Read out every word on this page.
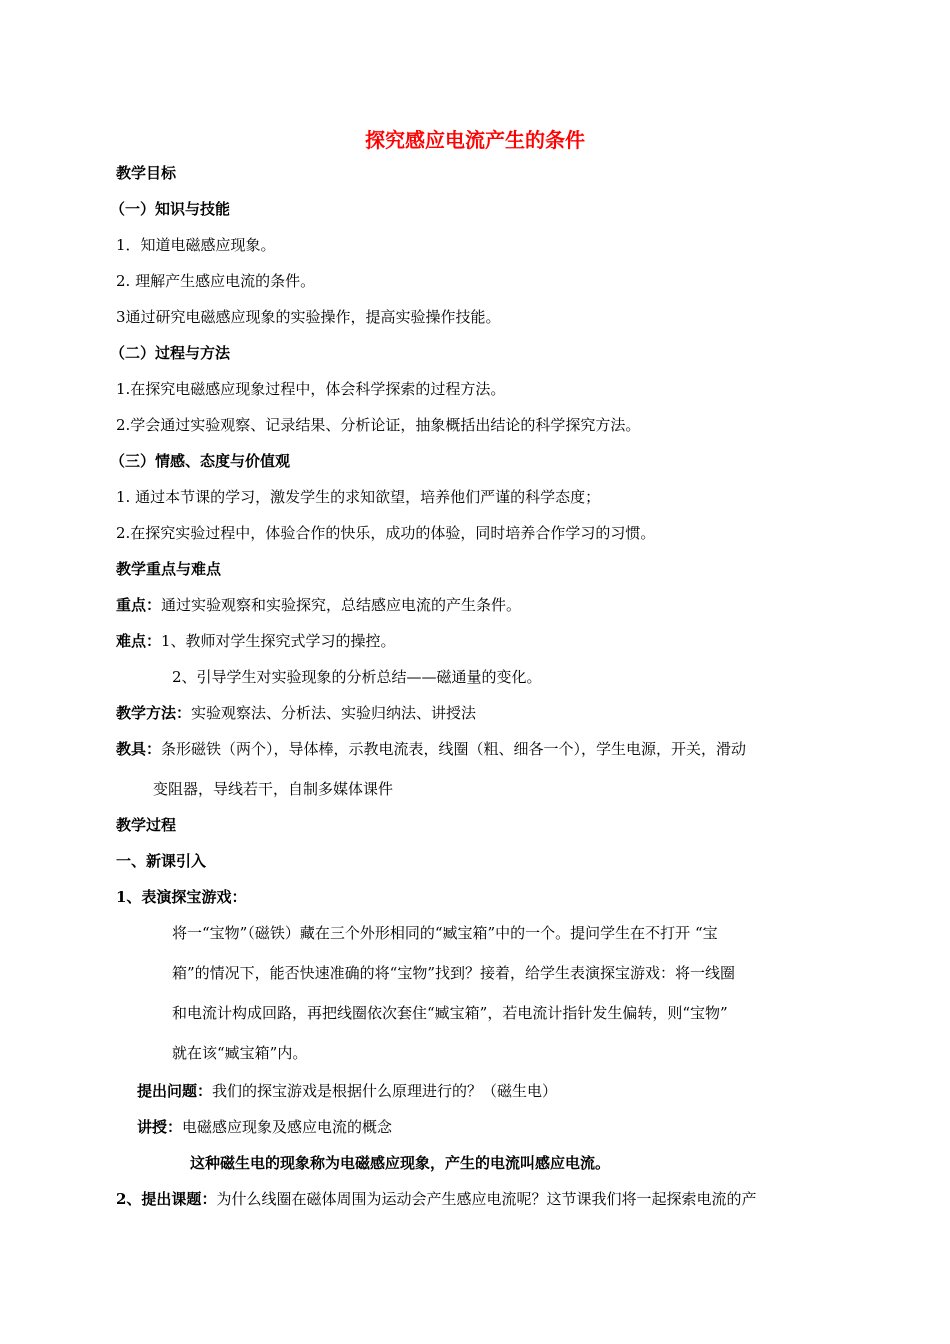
探究感应电流产生的条件
教学目标
（一）知识与技能
1．知道电磁感应现象。
2. 理解产生感应电流的条件。
3通过研究电磁感应现象的实验操作，提高实验操作技能。
（二）过程与方法
1.在探究电磁感应现象过程中，体会科学探索的过程方法。
2.学会通过实验观察、记录结果、分析论证，抽象概括出结论的科学探究方法。
（三）情感、态度与价值观
1. 通过本节课的学习，激发学生的求知欲望，培养他们严谨的科学态度；
2.在探究实验过程中，体验合作的快乐，成功的体验，同时培养合作学习的习惯。
教学重点与难点
重点：通过实验观察和实验探究，总结感应电流的产生条件。
难点：1、教师对学生探究式学习的操控。
2、引导学生对实验现象的分析总结——磁通量的变化。
教学方法：实验观察法、分析法、实验归纳法、讲授法
教具：条形磁铁（两个），导体棒，示教电流表，线圈（粗、细各一个），学生电源，开关，滑动
变阻器，导线若干，自制多媒体课件
教学过程
一、新课引入
1、表演探宝游戏：
将一“宝物”（磁铁）藏在三个外形相同的“臧宝箱”中的一个。提问学生在不打开 “宝
箱”的情况下，能否快速准确的将“宝物”找到？接着，给学生表演探宝游戏：将一线圈
和电流计构成回路，再把线圈依次套住“臧宝箱”，若电流计指针发生偏转，则“宝物”
就在该“臧宝箱”内。
提出问题：我们的探宝游戏是根据什么原理进行的？（磁生电）
讲授：电磁感应现象及感应电流的概念
这种磁生电的现象称为电磁感应现象，产生的电流叫感应电流。
2、提出课题：为什么线圈在磁体周围为运动会产生感应电流呢？这节课我们将一起探索电流的产
